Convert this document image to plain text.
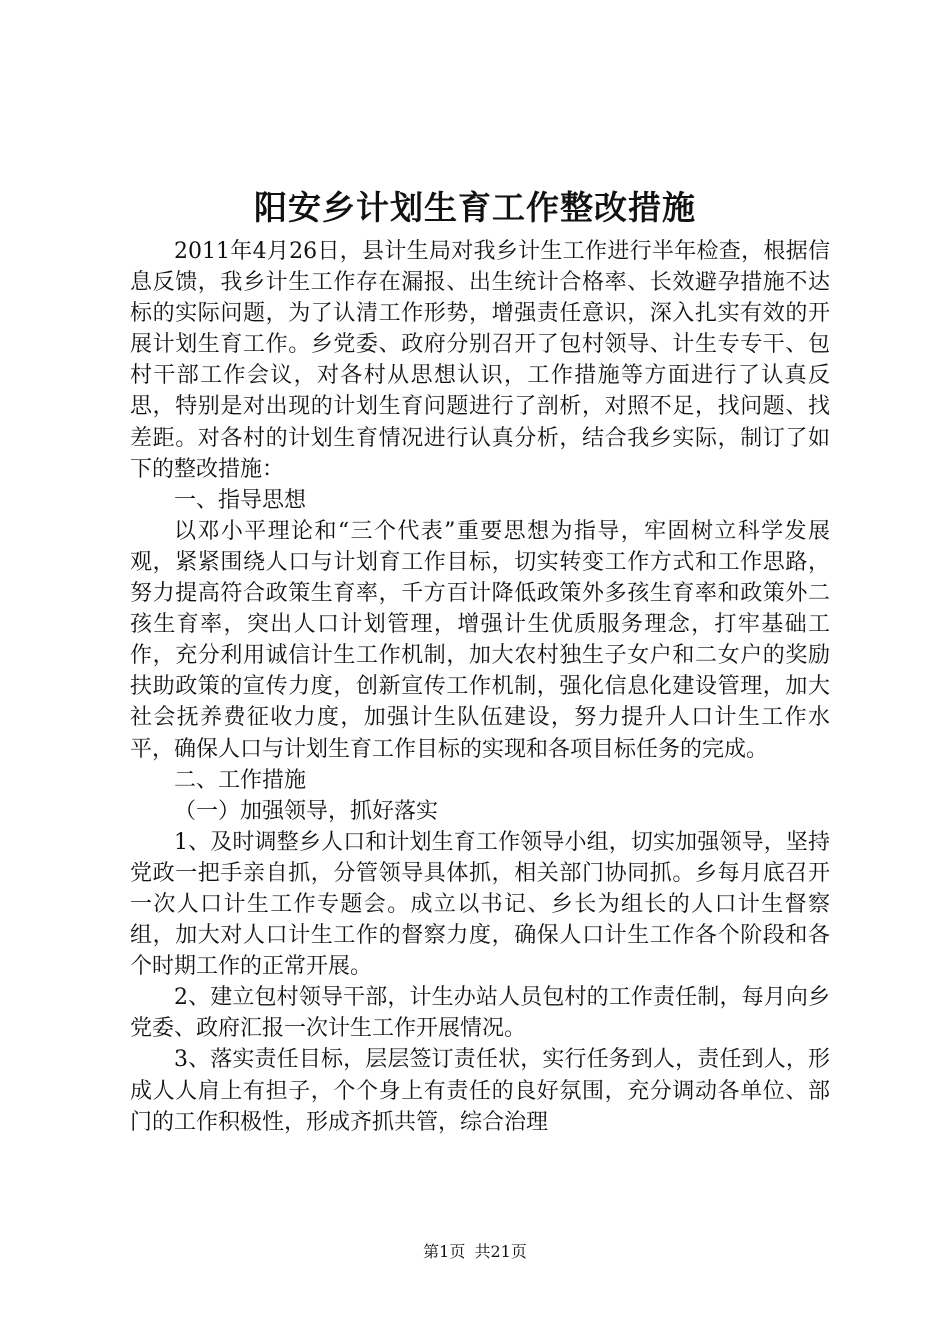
阳安乡计划生育工作整改措施

2011年4月26日，县计生局对我乡计生工作进行半年检查，根据信息反馈，我乡计生工作存在漏报、出生统计合格率、长效避孕措施不达标的实际问题，为了认清工作形势，增强责任意识，深入扎实有效的开展计划生育工作。乡党委、政府分别召开了包村领导、计生专专干、包村干部工作会议，对各村从思想认识，工作措施等方面进行了认真反思，特别是对出现的计划生育问题进行了剖析，对照不足，找问题、找差距。对各村的计划生育情况进行认真分析，结合我乡实际，制订了如下的整改措施：

一、指导思想

以邓小平理论和“三个代表”重要思想为指导，牢固树立科学发展观，紧紧围绕人口与计划育工作目标，切实转变工作方式和工作思路，努力提高符合政策生育率，千方百计降低政策外多孩生育率和政策外二孩生育率，突出人口计划管理，增强计生优质服务理念，打牢基础工作，充分利用诚信计生工作机制，加大农村独生子女户和二女户的奖励扶助政策的宣传力度，创新宣传工作机制，强化信息化建设管理，加大社会抚养费征收力度，加强计生队伍建设，努力提升人口计生工作水平，确保人口与计划生育工作目标的实现和各项目标任务的完成。

二、工作措施

（一）加强领导，抓好落实

1、及时调整乡人口和计划生育工作领导小组，切实加强领导，坚持党政一把手亲自抓，分管领导具体抓，相关部门协同抓。乡每月底召开一次人口计生工作专题会。成立以书记、乡长为组长的人口计生督察组，加大对人口计生工作的督察力度，确保人口计生工作各个阶段和各个时期工作的正常开展。

2、建立包村领导干部，计生办站人员包村的工作责任制，每月向乡党委、政府汇报一次计生工作开展情况。

3、落实责任目标，层层签订责任状，实行任务到人，责任到人，形成人人肩上有担子，个个身上有责任的良好氛围，充分调动各单位、部门的工作积极性，形成齐抓共管，综合治理

第1页 共21页
